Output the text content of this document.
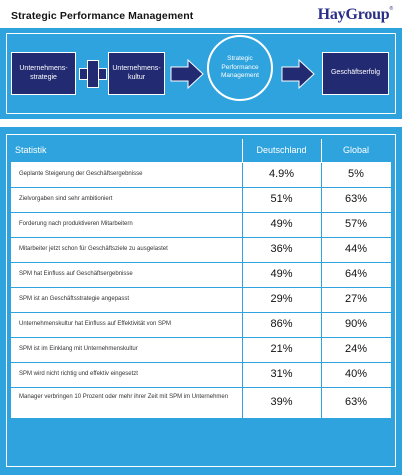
Strategic Performance Management	HayGroup®
Unternehmens-
strategie
Unternehmens-
kultur
Strategic
Performance
Management	Geschäftserfolg
Statistik	Deutschland	Global
Geplante Steigerung der Geschäftsergebnisse	4.9%	5%
Zielvorgaben sind sehr ambitioniert	51%	63%
Forderung nach produktiveren Mitarbeitern	49%	57%
Mitarbeiter jetzt schon für Geschäftsziele zu ausgelastet	36%	44%
SPM hat Einfluss auf Geschäftsergebnisse	49%	64%
SPM ist an Geschäftsstrategie angepasst	29%	27%
Unternehmenskultur hat Einfluss auf Effektivität von SPM	86%	90%
SPM ist im Einklang mit Unternehmenskultur	21%	24%
SPM wird nicht richtig und effektiv eingesetzt	31%	40%
Manager verbringen 10 Prozent oder mehr ihrer Zeit mit SPM im Unternehmen	39%	63%
